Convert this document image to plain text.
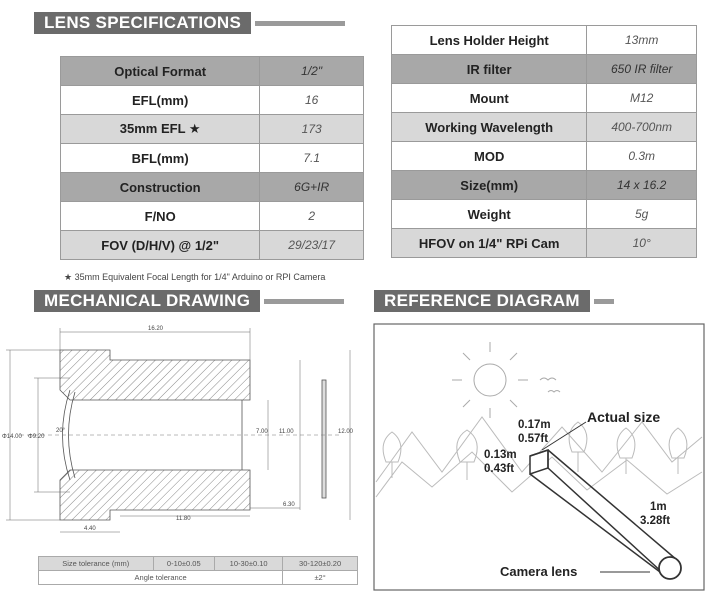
LENS SPECIFICATIONS
Optical Format	1/2"
EFL(mm)	16
35mm EFL ★	173
BFL(mm)	7.1
Construction	6G+IR
F/NO	2
FOV (D/H/V) @ 1/2"	29/23/17
★ 35mm Equivalent Focal Length for 1/4" Arduino or RPI Camera
Lens Holder Height	13mm
IR filter	650 IR filter
Mount	M12
Working Wavelength	400-700nm
MOD	0.3m
Size(mm)	14 x 16.2
Weight	5g
HFOV on 1/4" RPi Cam	10°
MECHANICAL DRAWING	REFERENCE DIAGRAM
16.20
Φ14.00 Φ9.20
20°	7.00 11.00	12.00
6.30
11.80
4.40
Size tolerance (mm)	0-10±0.05	10-30±0.10	30-120±0.20
Angle tolerance			±2°
Actual size
0.17m
0.57ft
0.13m
0.43ft
1m
3.28ft
Camera lens
